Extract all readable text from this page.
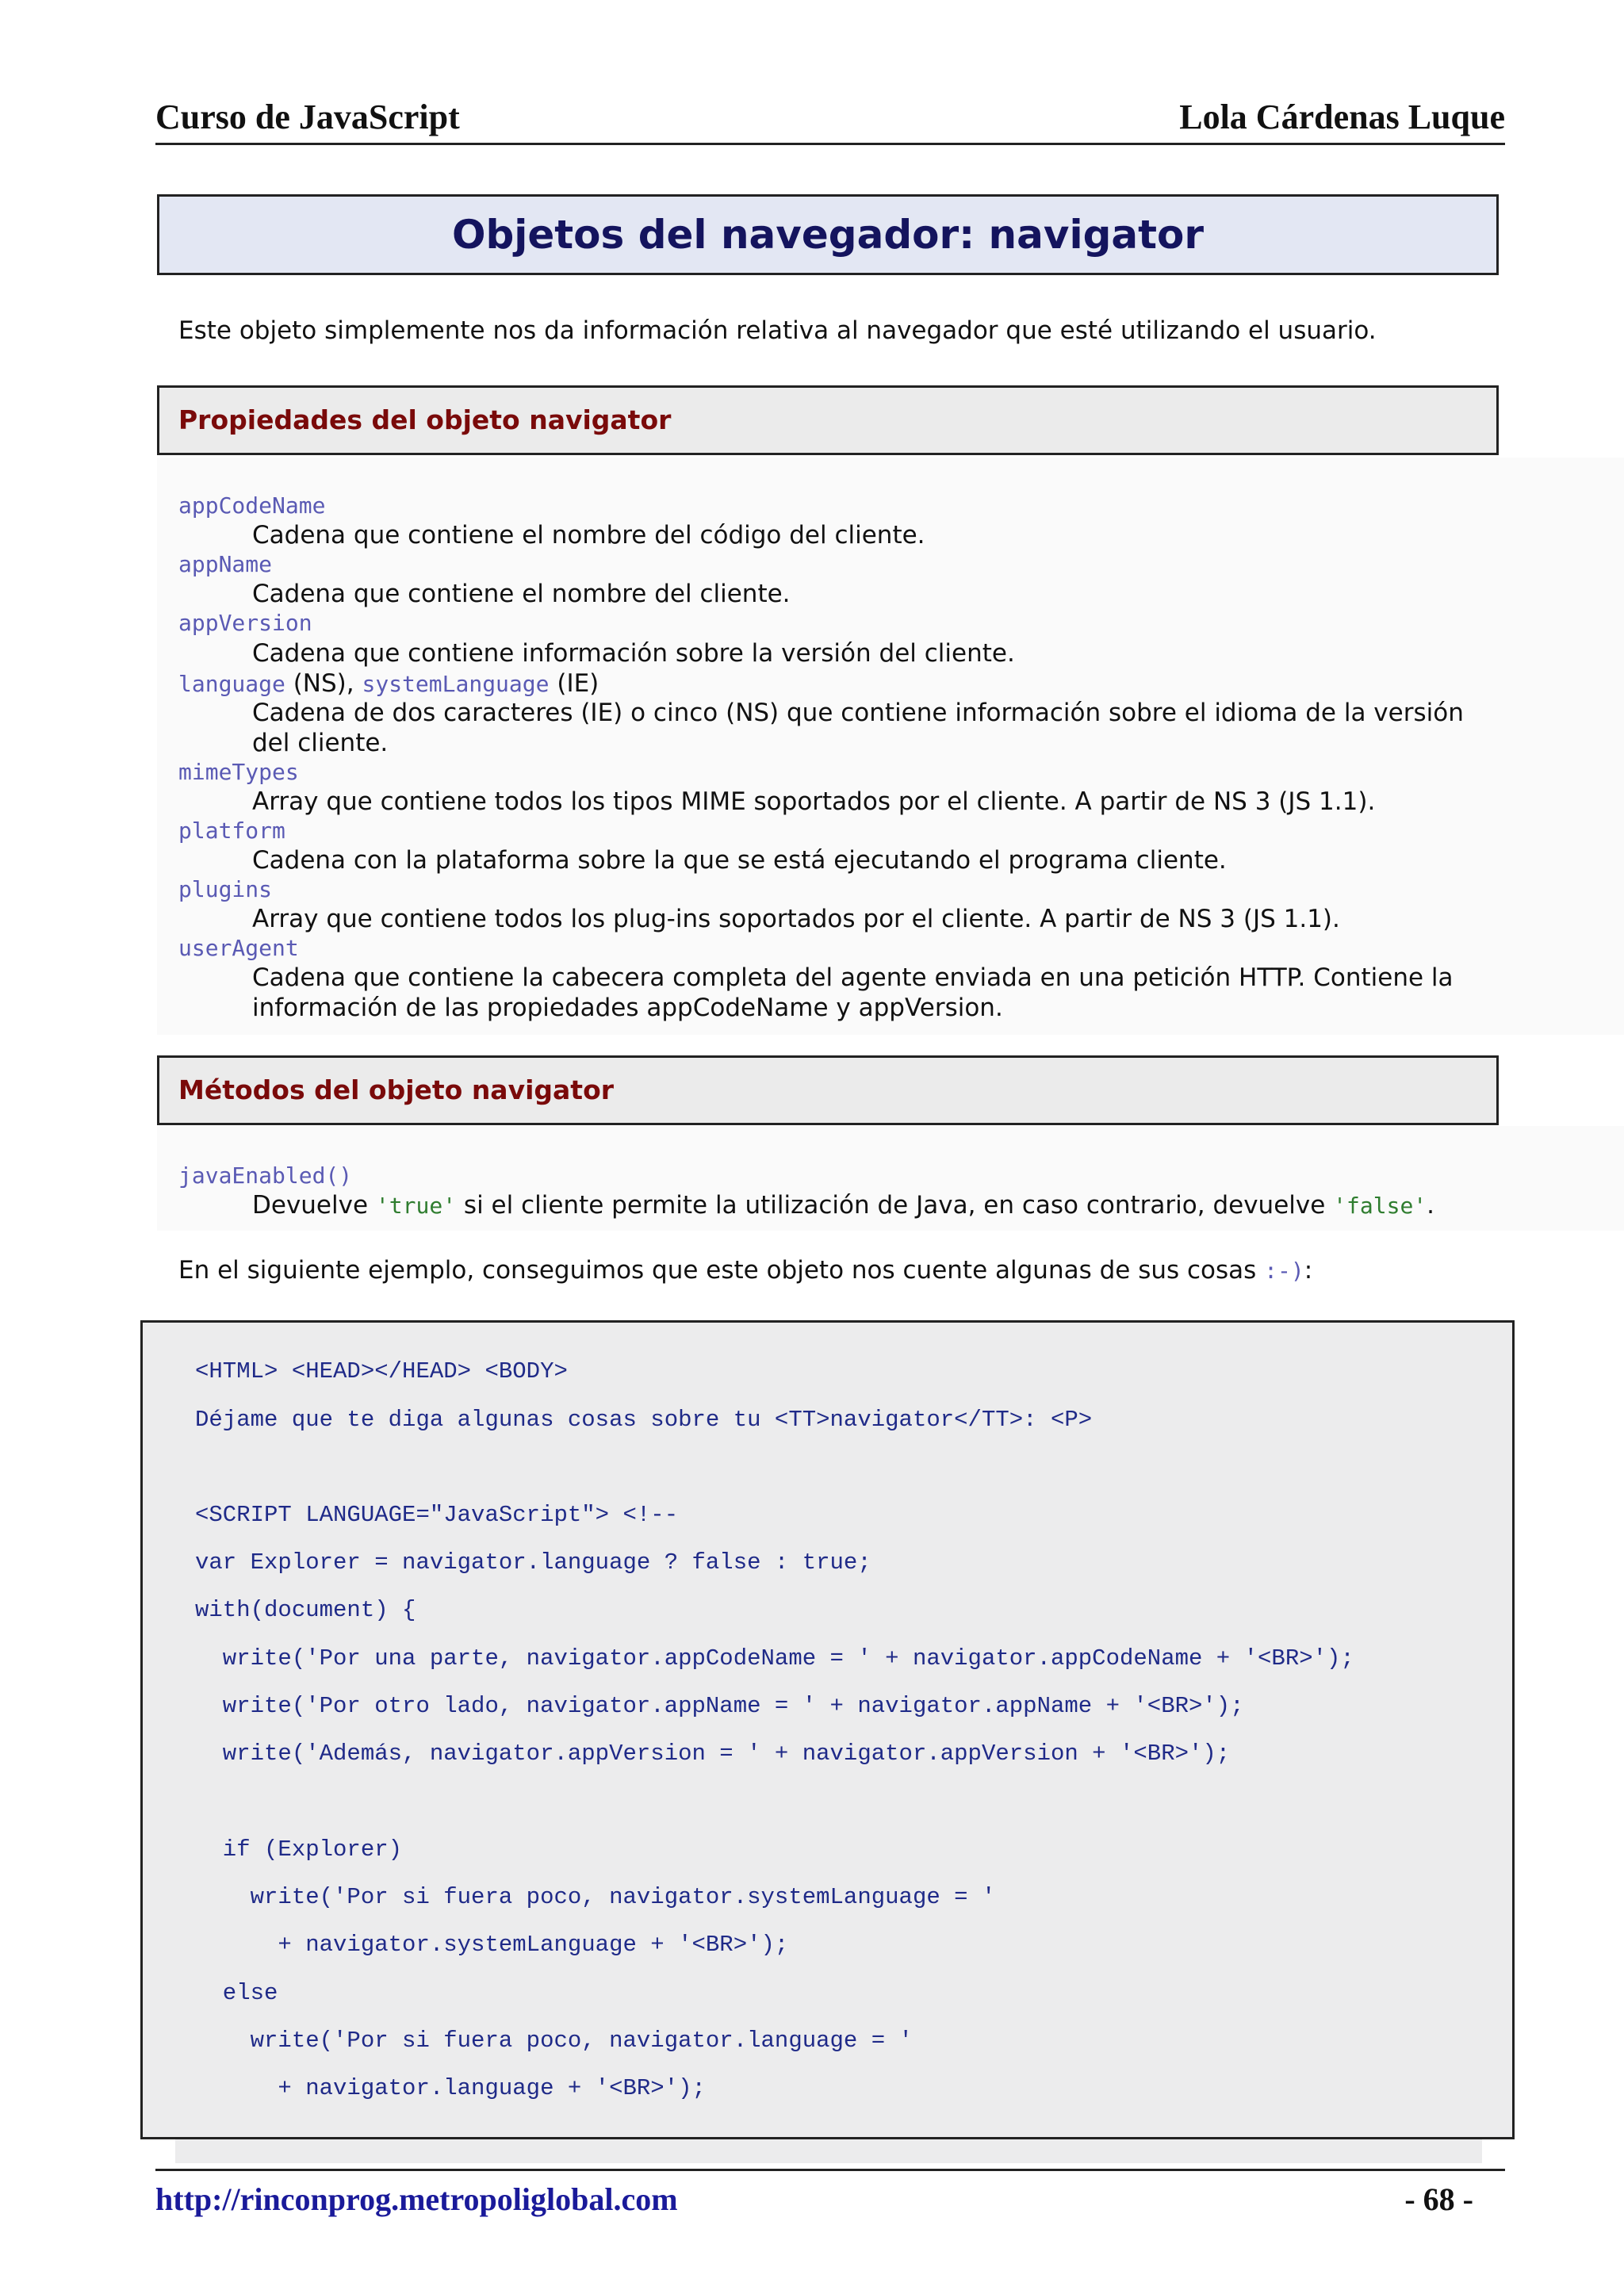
Curso de JavaScript	Lola Cárdenas Luque
Objetos del navegador: navigator
Este objeto simplemente nos da información relativa al navegador que esté utilizando el usuario.
Propiedades del objeto navigator
appCodeName
Cadena que contiene el nombre del código del cliente.
appName
Cadena que contiene el nombre del cliente.
appVersion
Cadena que contiene información sobre la versión del cliente.
language (NS), systemLanguage (IE)
Cadena de dos caracteres (IE) o cinco (NS) que contiene información sobre el idioma de la versión
del cliente.
mimeTypes
Array que contiene todos los tipos MIME soportados por el cliente. A partir de NS 3 (JS 1.1).
platform
Cadena con la plataforma sobre la que se está ejecutando el programa cliente.
plugins
Array que contiene todos los plug-ins soportados por el cliente. A partir de NS 3 (JS 1.1).
userAgent
Cadena que contiene la cabecera completa del agente enviada en una petición HTTP. Contiene la
información de las propiedades appCodeName y appVersion.
Métodos del objeto navigator
javaEnabled()
Devuelve 'true' si el cliente permite la utilización de Java, en caso contrario, devuelve 'false'.
En el siguiente ejemplo, conseguimos que este objeto nos cuente algunas de sus cosas :-):
<HTML> <HEAD></HEAD> <BODY>
Déjame que te diga algunas cosas sobre tu <TT>navigator</TT>: <P>
<SCRIPT LANGUAGE="JavaScript"> <!--
var Explorer = navigator.language ? false : true;
with(document) {
write('Por una parte, navigator.appCodeName = ' + navigator.appCodeName + '<BR>');
write('Por otro lado, navigator.appName = ' + navigator.appName + '<BR>');
write('Además, navigator.appVersion = ' + navigator.appVersion + '<BR>');
if (Explorer)
write('Por si fuera poco, navigator.systemLanguage = '
+ navigator.systemLanguage + '<BR>');
else
write('Por si fuera poco, navigator.language = '
+ navigator.language + '<BR>');
http://rinconprog.metropoliglobal.com	- 68 -
